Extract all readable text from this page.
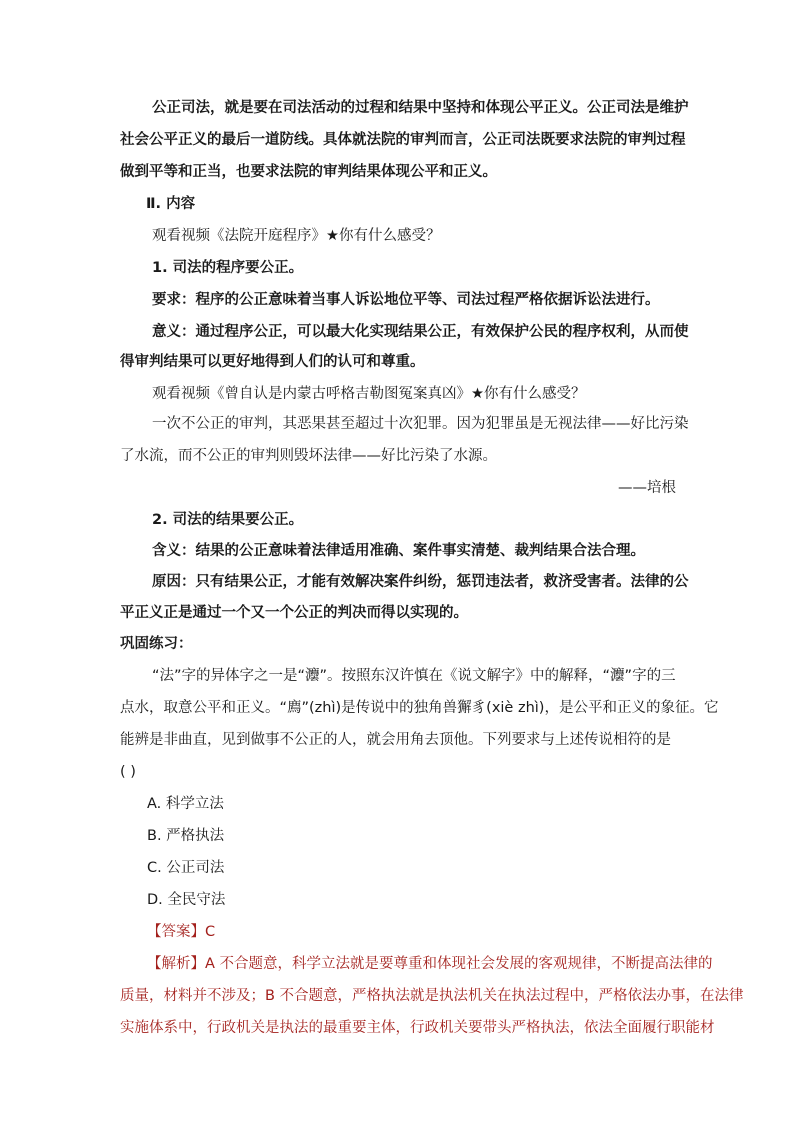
公正司法，就是要在司法活动的过程和结果中坚持和体现公平正义。公正司法是维护
社会公平正义的最后一道防线。具体就法院的审判而言，公正司法既要求法院的审判过程
做到平等和正当，也要求法院的审判结果体现公平和正义。
Ⅱ. 内容
观看视频《法院开庭程序》★你有什么感受？
1. 司法的程序要公正。
要求：程序的公正意味着当事人诉讼地位平等、司法过程严格依据诉讼法进行。
意义：通过程序公正，可以最大化实现结果公正，有效保护公民的程序权利，从而使
得审判结果可以更好地得到人们的认可和尊重。
观看视频《曾自认是内蒙古呼格吉勒图冤案真凶》★你有什么感受？
一次不公正的审判，其恶果甚至超过十次犯罪。因为犯罪虽是无视法律——好比污染
了水流，而不公正的审判则毁坏法律——好比污染了水源。
——培根
2. 司法的结果要公正。
含义：结果的公正意味着法律适用准确、案件事实清楚、裁判结果合法合理。
原因：只有结果公正，才能有效解决案件纠纷，惩罚违法者，救济受害者。法律的公
平正义正是通过一个又一个公正的判决而得以实现的。
巩固练习：
“法”字的异体字之一是“灋”。按照东汉许慎在《说文解字》中的解释，“灋”字的三
点水，取意公平和正义。“廌”(zhì)是传说中的独角兽獬豸(xiè zhì)，是公平和正义的象征。它
能辨是非曲直，见到做事不公正的人，就会用角去顶他。下列要求与上述传说相符的是
( )
A. 科学立法
B. 严格执法
C. 公正司法
D. 全民守法
【答案】C
【解析】A 不合题意，科学立法就是要尊重和体现社会发展的客观规律，不断提高法律的
质量，材料并不涉及；B 不合题意，严格执法就是执法机关在执法过程中，严格依法办事，在法律
实施体系中，行政机关是执法的最重要主体，行政机关要带头严格执法，依法全面履行职能材
